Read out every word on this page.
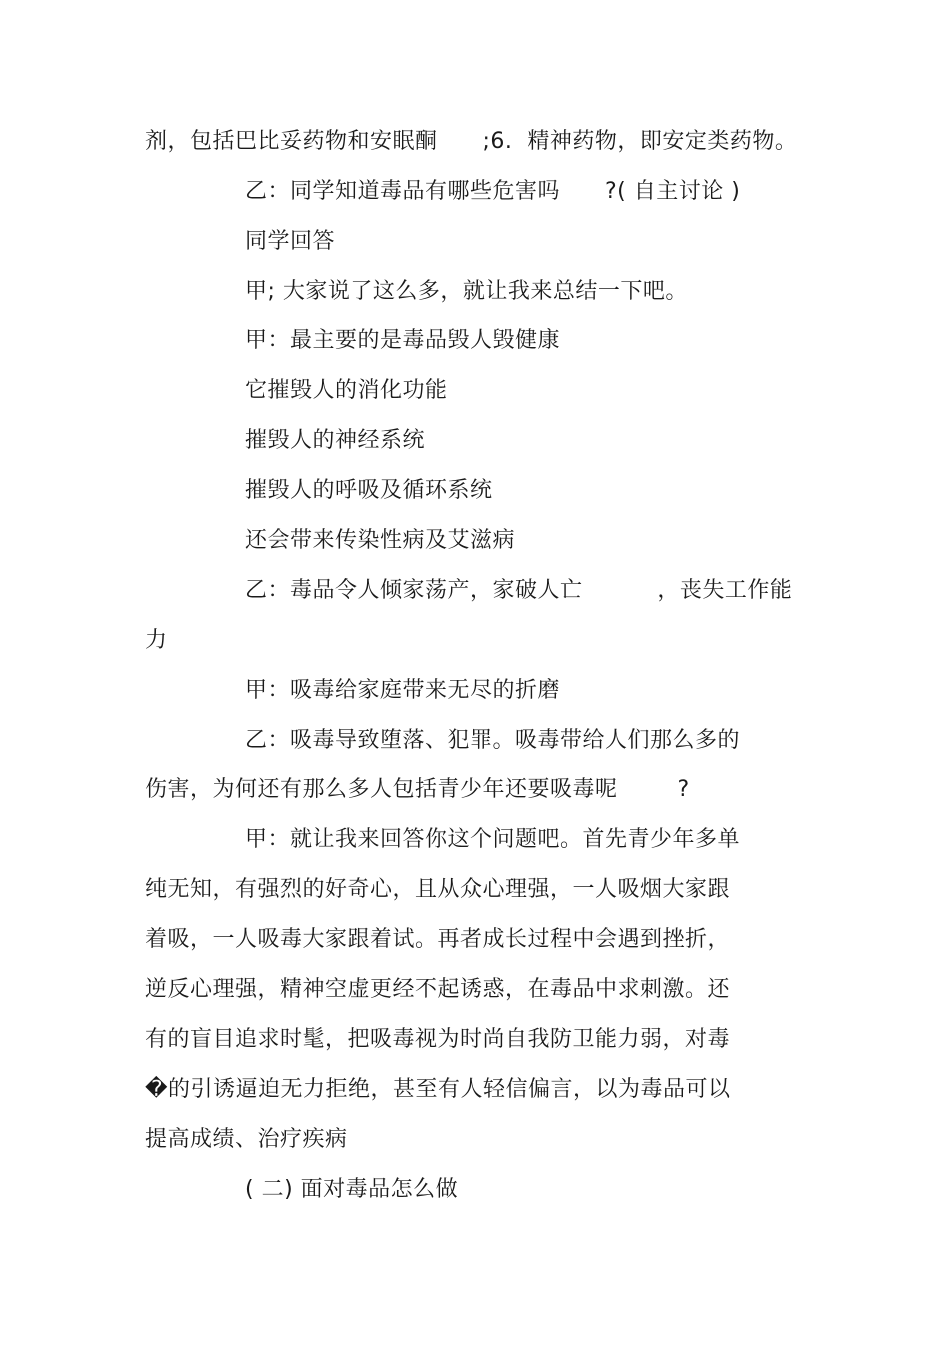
剂，包括巴比妥药物和安眠酮      ;6.  精神药物，即安定类药物。

乙：同学知道毒品有哪些危害吗      ?( 自主讨论 )

同学回答

甲; 大家说了这么多，就让我来总结一下吧。

甲：最主要的是毒品毁人毁健康

它摧毁人的消化功能

摧毁人的神经系统

摧毁人的呼吸及循环系统

还会带来传染性病及艾滋病

乙：毒品令人倾家荡产，家破人亡          ，丧失工作能

力

甲：吸毒给家庭带来无尽的折磨

乙：吸毒导致堕落、犯罪。吸毒带给人们那么多的

伤害，为何还有那么多人包括青少年还要吸毒呢        ?

甲：就让我来回答你这个问题吧。首先青少年多单

纯无知，有强烈的好奇心，且从众心理强，一人吸烟大家跟

着吸，一人吸毒大家跟着试。再者成长过程中会遇到挫折，

逆反心理强，精神空虚更经不起诱惑，在毒品中求刺激。还

有的盲目追求时髦，把吸毒视为时尚自我防卫能力弱，对毒

�的引诱逼迫无力拒绝，甚至有人轻信偏言，以为毒品可以

提高成绩、治疗疾病

( 二) 面对毒品怎么做
